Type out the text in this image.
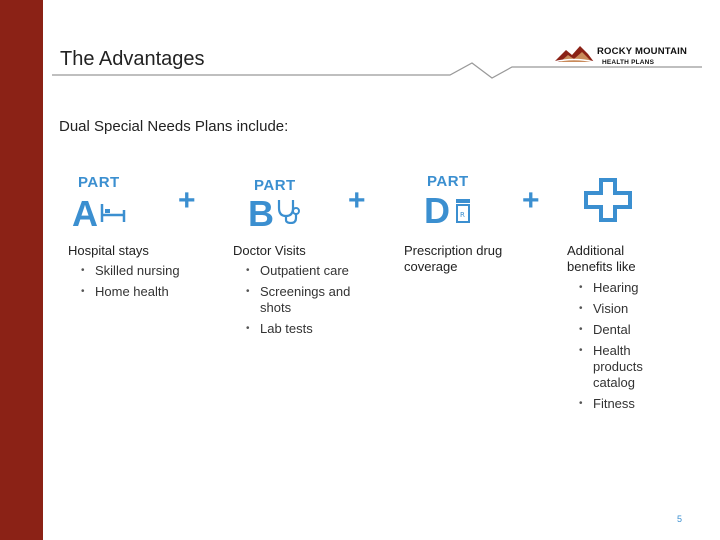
The Advantages	ROCKY MOUNTAIN
HEALTH PLANS
Dual Special Needs Plans include:
PART
A	+	PART
B +
PART
D R +
Hospital stays
• Skilled nursing
• Home health
Doctor Visits
• Outpatient care
• Screenings and shots
• Lab tests
Prescription drug coverage
Additional benefits like
• Hearing
• Vision
• Dental
• Health products catalog
• Fitness
5
